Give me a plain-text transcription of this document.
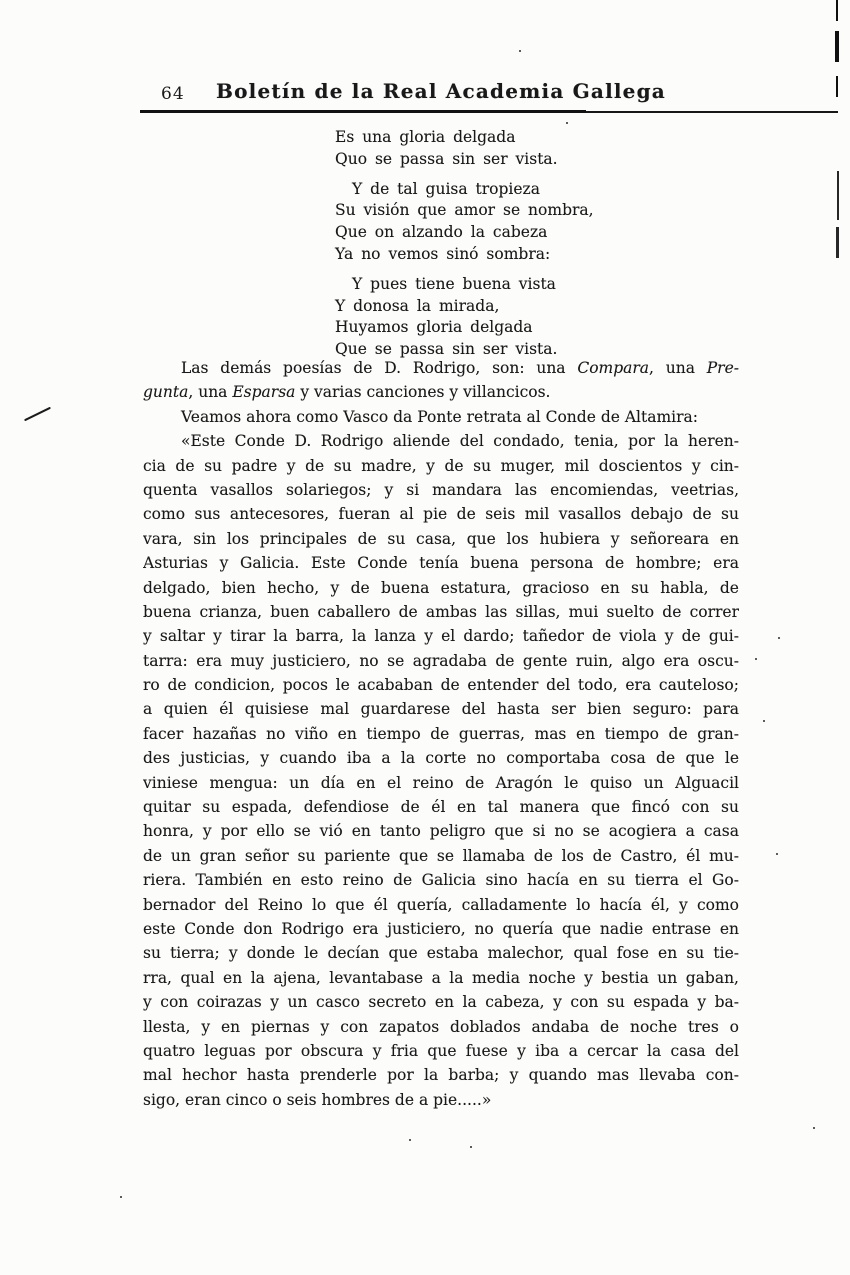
64	Boletín de la Real Academia Gallega
Es una gloria delgada
Quo se passa sin ser vista.
Y de tal guisa tropieza
Su visión que amor se nombra,
Que on alzando la cabeza
Ya no vemos sinó sombra:
Y pues tiene buena vista
Y donosa la mirada,
Huyamos gloria delgada
Que se passa sin ser vista.
Las demás poesías de D. Rodrigo, son: una Compara, una Pre-
gunta, una Esparsa y varias canciones y villancicos.
Veamos ahora como Vasco da Ponte retrata al Conde de Altamira:
«Este Conde D. Rodrigo aliende del condado, tenia, por la heren-
cia de su padre y de su madre, y de su muger, mil doscientos y cin-
quenta vasallos solariegos; y si mandara las encomiendas, veetrias,
como sus antecesores, fueran al pie de seis mil vasallos debajo de su
vara, sin los principales de su casa, que los hubiera y señoreara en
Asturias y Galicia. Este Conde tenía buena persona de hombre; era
delgado, bien hecho, y de buena estatura, gracioso en su habla, de
buena crianza, buen caballero de ambas las sillas, mui suelto de correr
y saltar y tirar la barra, la lanza y el dardo; tañedor de viola y de gui-
tarra: era muy justiciero, no se agradaba de gente ruin, algo era oscu-
ro de condicion, pocos le acababan de entender del todo, era cauteloso;
a quien él quisiese mal guardarese del hasta ser bien seguro: para
facer hazañas no viño en tiempo de guerras, mas en tiempo de gran-
des justicias, y cuando iba a la corte no comportaba cosa de que le
viniese mengua: un día en el reino de Aragón le quiso un Alguacil
quitar su espada, defendiose de él en tal manera que fincó con su
honra, y por ello se vió en tanto peligro que si no se acogiera a casa
de un gran señor su pariente que se llamaba de los de Castro, él mu-
riera. También en esto reino de Galicia sino hacía en su tierra el Go-
bernador del Reino lo que él quería, calladamente lo hacía él, y como
este Conde don Rodrigo era justiciero, no quería que nadie entrase en
su tierra; y donde le decían que estaba malechor, qual fose en su tie-
rra, qual en la ajena, levantabase a la media noche y bestia un gaban,
y con coirazas y un casco secreto en la cabeza, y con su espada y ba-
llesta, y en piernas y con zapatos doblados andaba de noche tres o
quatro leguas por obscura y fria que fuese y iba a cercar la casa del
mal hechor hasta prenderle por la barba; y quando mas llevaba con-
sigo, eran cinco o seis hombres de a pie.....»
